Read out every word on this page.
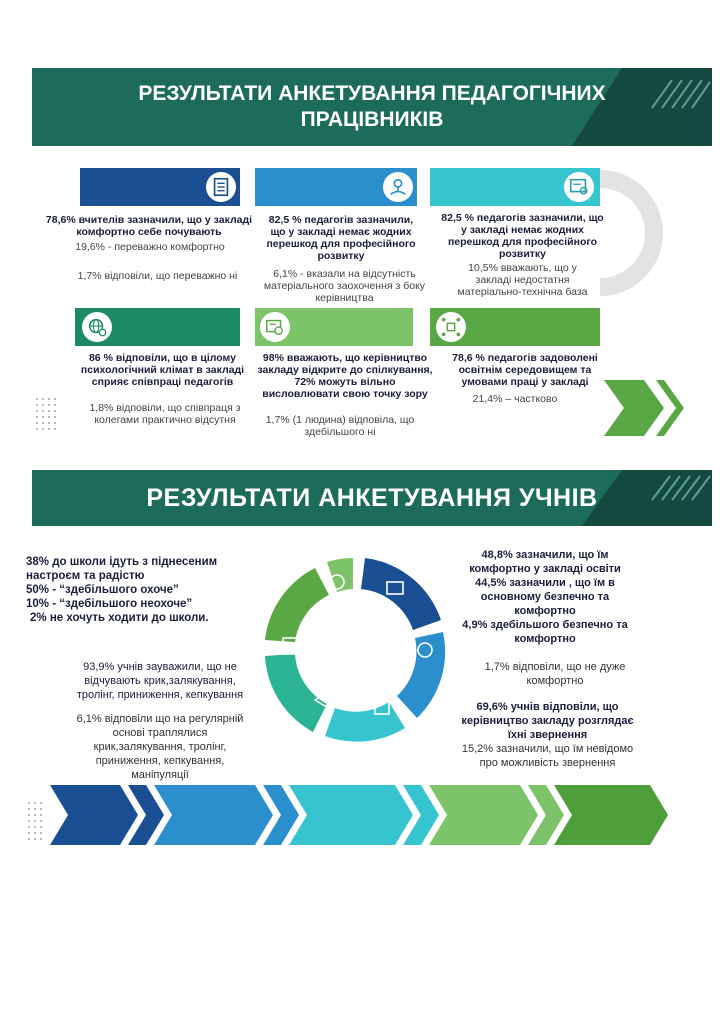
РЕЗУЛЬТАТИ АНКЕТУВАННЯ ПЕДАГОГІЧНИХ
ПРАЦІВНИКІВ
78,6% вчителів зазначили, що у закладі комфортно себе почувають
19,6% - переважно комфортно
1,7% відповіли, що переважно ні
82,5 % педагогів зазначили, що у закладі немає жодних перешкод для професійного розвитку
6,1% - вказали на відсутність матеріального заохочення з боку керівництва
82,5 % педагогів зазначили, що у закладі немає жодних перешкод для професійного розвитку
10,5% вважають, що у закладі недостатня матеріально-технічна база
86 % відповіли, що в цілому психологічний клімат в закладі сприяє співпраці педагогів
1,8% відповіли, що співпраця з колегами практично відсутня
98% вважають, що керівництво закладу відкрите до спілкування, 72% можуть вільно висловлювати свою точку зору
1,7% (1 людина) відповіла, що здебільшого ні
78,6 % педагогів задоволені освітнім середовищем та умовами праці у закладі
21,4% – частково
РЕЗУЛЬТАТИ АНКЕТУВАННЯ УЧНІВ
38% до школи ідуть з піднесеним
настроєм та радістю
50% - “здебільшого охоче”
10% - “здебільшого неохоче”
2% не хочуть ходити до школи.
93,9% учнів зауважили, що не
відчувають крик,залякування,
тролінг, приниження, кепкування
6,1% відповіли що на регулярній
основі траплялися
крик,залякування, тролінг,
приниження, кепкування,
маніпуляції
48,8% зазначили, що їм
комфортно у закладі освіти
44,5% зазначили , що їм в
основному безпечно та
комфортно
4,9% здебільшого безпечно та
комфортно
1,7% відповіли, що не дуже
комфортно
69,6% учнів відповіли, що
керівництво закладу розглядає
їхні звернення
15,2% зазначили, що їм невідомо
про можливість звернення
